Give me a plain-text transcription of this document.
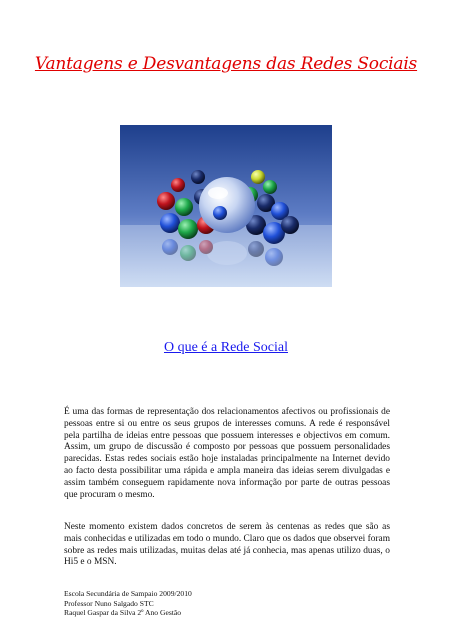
Vantagens e Desvantagens das Redes Sociais
O que é a Rede Social

É uma das formas de representação dos relacionamentos afectivos ou profissionais de pessoas entre si ou entre os seus grupos de interesses comuns. A rede é responsável pela partilha de ideias entre pessoas que possuem interesses e objectivos em comum. Assim, um grupo de discussão é composto por pessoas que possuem personalidades parecidas. Estas redes sociais estão hoje instaladas principalmente na Internet devido ao facto desta possibilitar uma rápida e ampla maneira das ideias serem divulgadas e assim também conseguem rapidamente nova informação por parte de outras pessoas que procuram o mesmo.

Neste momento existem dados concretos de serem às centenas as redes que são as mais conhecidas e utilizadas em todo o mundo. Claro que os dados que observei foram sobre as redes mais utilizadas, muitas delas até já conhecia, mas apenas utilizo duas, o Hi5 e o MSN.

Escola Secundária de Sampaio 2009/2010
Professor Nuno Salgado STC
Raquel Gaspar da Silva 2º Ano Gestão
